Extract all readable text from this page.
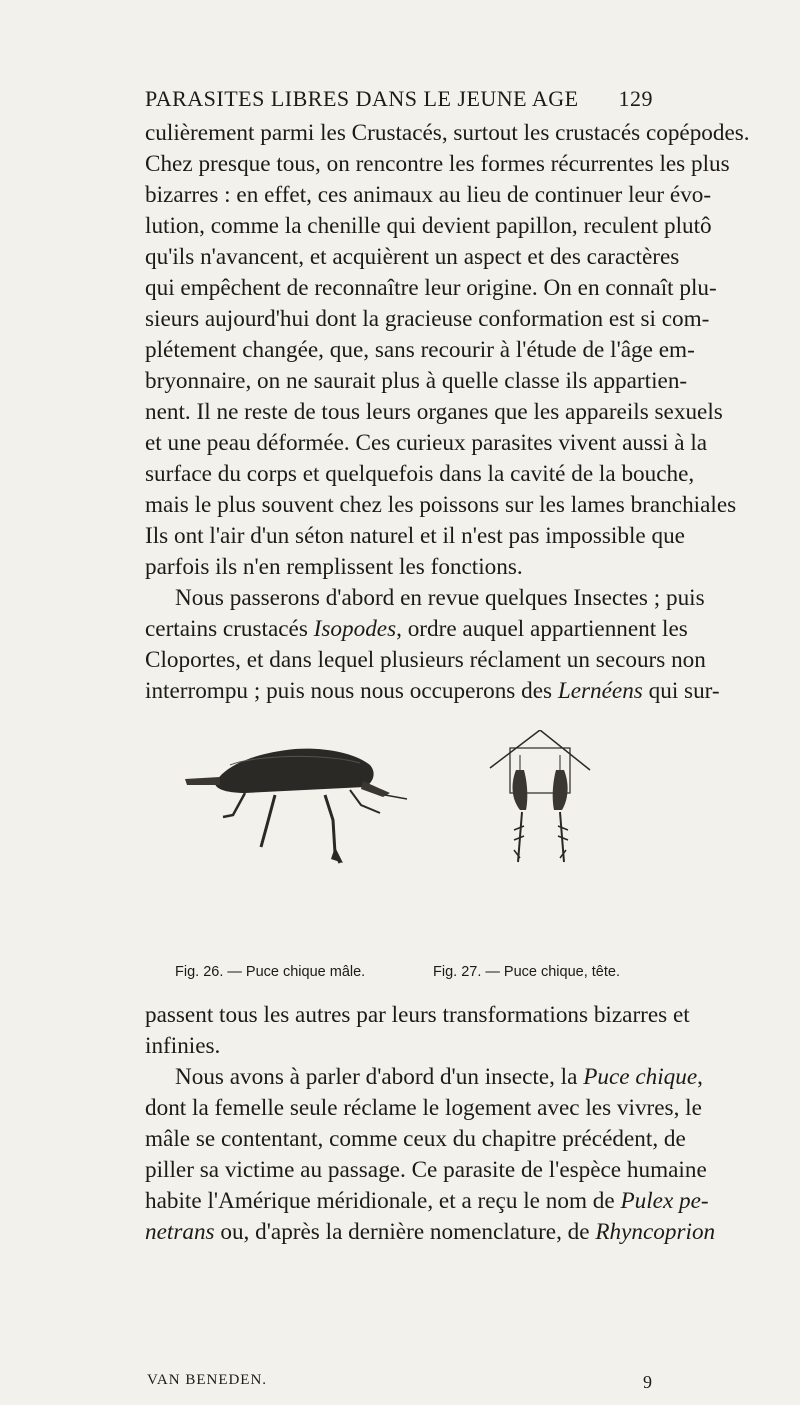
PARASITES LIBRES DANS LE JEUNE AGE 129
culièrement parmi les Crustacés, surtout les crustacés copépodes.
Chez presque tous, on rencontre les formes récurrentes les plus
bizarres : en effet, ces animaux au lieu de continuer leur évo-
lution, comme la chenille qui devient papillon, reculent plutô
qu'ils n'avancent, et acquièrent un aspect et des caractères
qui empêchent de reconnaître leur origine. On en connaît plu-
sieurs aujourd'hui dont la gracieuse conformation est si com-
plétement changée, que, sans recourir à l'étude de l'âge em-
bryonnaire, on ne saurait plus à quelle classe ils appartien-
nent. Il ne reste de tous leurs organes que les appareils sexuels
et une peau déformée. Ces curieux parasites vivent aussi à la
surface du corps et quelquefois dans la cavité de la bouche,
mais le plus souvent chez les poissons sur les lames branchiales
Ils ont l'air d'un séton naturel et il n'est pas impossible que
parfois ils n'en remplissent les fonctions.
Nous passerons d'abord en revue quelques Insectes ; puis
certains crustacés Isopodes, ordre auquel appartiennent les
Cloportes, et dans lequel plusieurs réclament un secours non
interrompu ; puis nous nous occuperons des Lernéens qui sur-
Fig. 26. — Puce chique mâle.	Fig. 27. — Puce chique, tête.
passent tous les autres par leurs transformations bizarres et
infinies.
Nous avons à parler d'abord d'un insecte, la Puce chique,
dont la femelle seule réclame le logement avec les vivres, le
mâle se contentant, comme ceux du chapitre précédent, de
piller sa victime au passage. Ce parasite de l'espèce humaine
habite l'Amérique méridionale, et a reçu le nom de Pulex pe-
netrans ou, d'après la dernière nomenclature, de Rhyncoprion
VAN BENEDEN.	9
